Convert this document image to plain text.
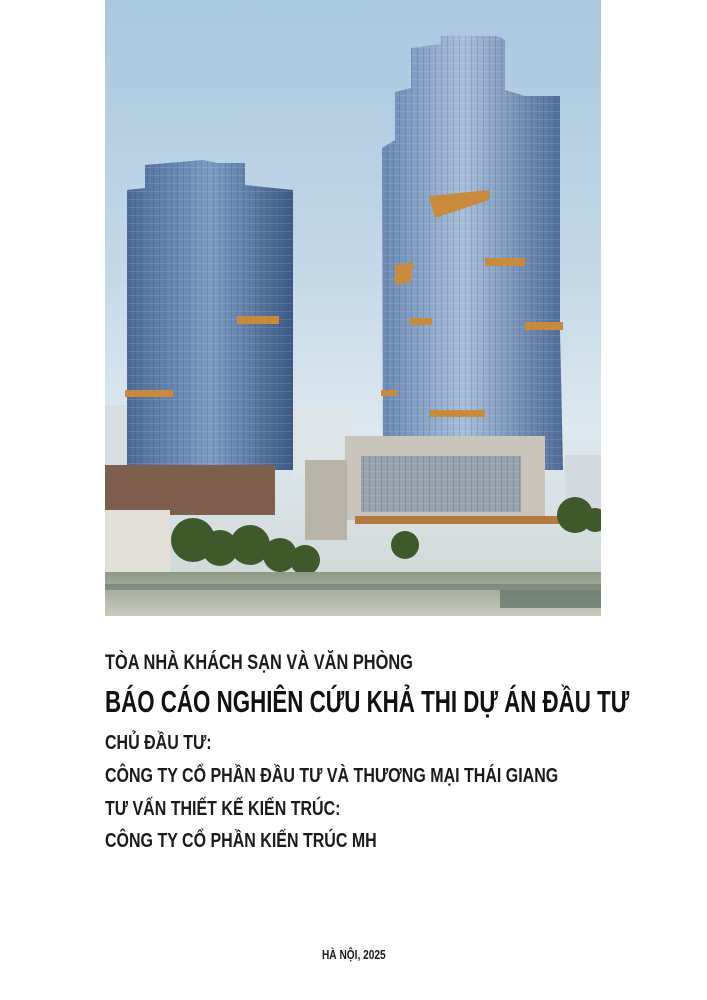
TÒA NHÀ KHÁCH SẠN VÀ VĂN PHÒNG

BÁO CÁO NGHIÊN CỨU KHẢ THI DỰ ÁN ĐẦU TƯ

CHỦ ĐẦU TƯ:

CÔNG TY CỔ PHẦN ĐẦU TƯ VÀ THƯƠNG MẠI THÁI GIANG

TƯ VẤN THIẾT KẾ KIẾN TRÚC:

CÔNG TY CỔ PHẦN KIẾN TRÚC MH

HÀ NỘI, 2025
